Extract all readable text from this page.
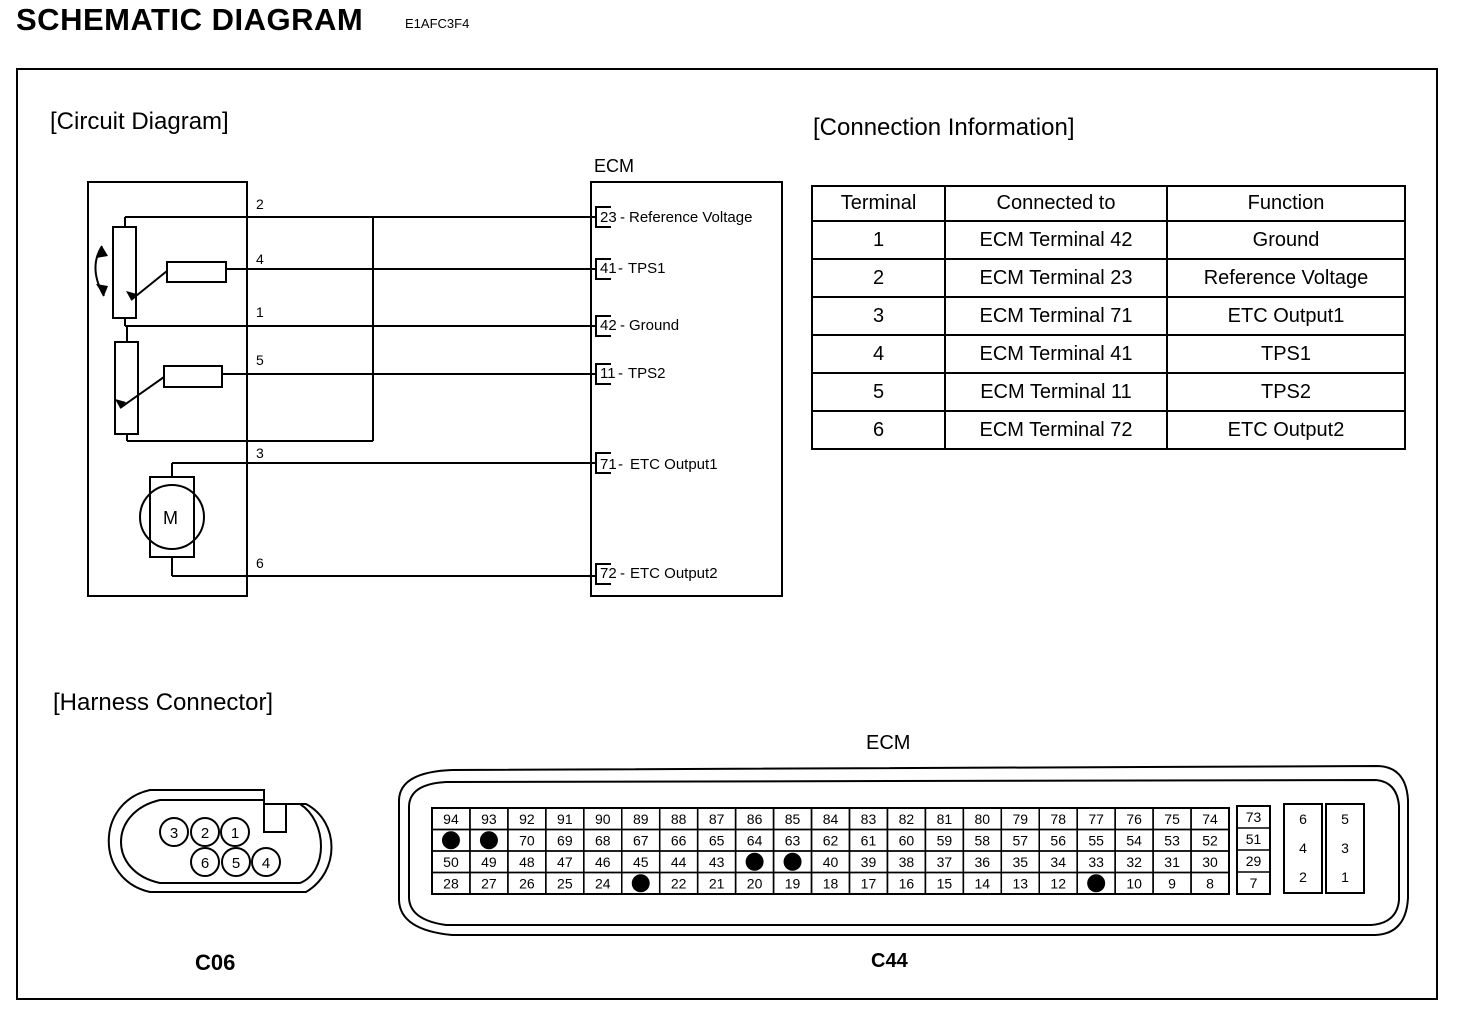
SCHEMATIC DIAGRAM	E1AFC3F4
[Circuit Diagram]	[Connection Information]
[Harness Connector]
ECM
M
2
4
1
5
3
6
23 - Reference Voltage
41 - TPS1
42 - Ground
11 - TPS2
71 - ETC Output1
72 - ETC Output2
Terminal	Connected to	Function
1	ECM Terminal 42	Ground
2	ECM Terminal 23	Reference Voltage
3	ECM Terminal 71	ETC Output1
4	ECM Terminal 41	TPS1
5	ECM Terminal 11	TPS2
6	ECM Terminal 72	ETC Output2
3 2 1
6 5 4
94 93 92 91 90 89 88 87 86 85 84 83 82 81 80 79 78 77 76 75 74
70 69 68 67 66 65 64 63 62 61 60 59 58 57 56 55 54 53 52
50 49 48 47 46 45 44 43	40 39 38 37 36 35 34 33 32 31 30
28 27 26 25 24	22 21 20 19 18 17 16 15 14 13 12	10 9 8
73
51
29
7
6
4
2
5
3
1
ECM
C06	C44
